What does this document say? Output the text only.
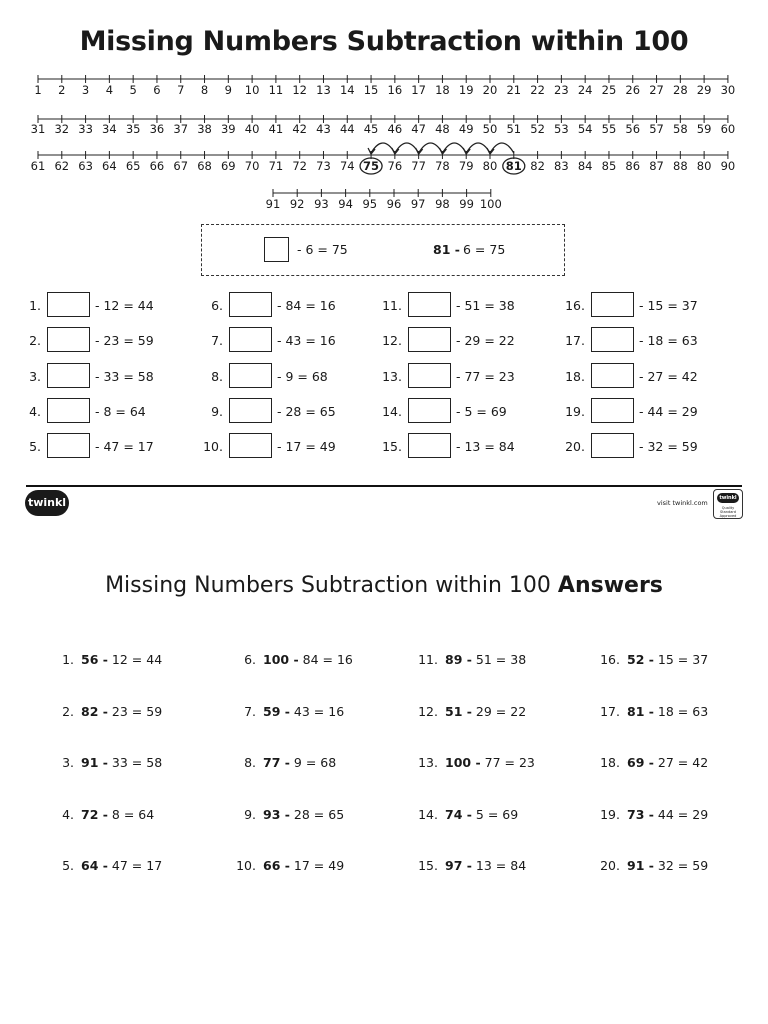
Missing Numbers Subtraction within 100
1	2	3	4	5	6	7	8	9	10 11 12 13 14 15 16 17 18 19 20 21 22 23 24 25 26 27 28 29 30
31 32 33 34 35 36 37 38 39 40 41 42 43 44 45 46 47 48 49 50 51 52 53 54 55 56 57 58 59 60
61 62 63 64 65 66 67 68 69 70 71 72 73 74 75 76 77 78 79 80 81 82 83 84 85 86 87 88 80 90
91 92 93 94 95 96 97 98 99 100
- 6 = 75	81 - 6 = 75
1.	- 12 = 44
2.	- 23 = 59
3.	- 33 = 58
4.	- 8 = 64
5.	- 47 = 17
6.	- 84 = 16
7.	- 43 = 16
8.	- 9 = 68
9.	- 28 = 65
10.	- 17 = 49
11.	- 51 = 38
12.	- 29 = 22
13.	- 77 = 23
14.	- 5 = 69
15.	- 13 = 84
16.	- 15 = 37
17.	- 18 = 63
18.	- 27 = 42
19.	- 44 = 29
20.	- 32 = 59
twinkl	visit twinkl.com
twinkl
Quality Standard Approved
Missing Numbers Subtraction within 100 Answers
1. 56 - 12 = 44
2. 82 - 23 = 59
3. 91 - 33 = 58
4. 72 - 8 = 64
5. 64 - 47 = 17
6. 100 - 84 = 16
7. 59 - 43 = 16
8. 77 - 9 = 68
9. 93 - 28 = 65
10. 66 - 17 = 49
11. 89 - 51 = 38
12. 51 - 29 = 22
13. 100 - 77 = 23
14. 74 - 5 = 69
15. 97 - 13 = 84
16. 52 - 15 = 37
17. 81 - 18 = 63
18. 69 - 27 = 42
19. 73 - 44 = 29
20. 91 - 32 = 59
